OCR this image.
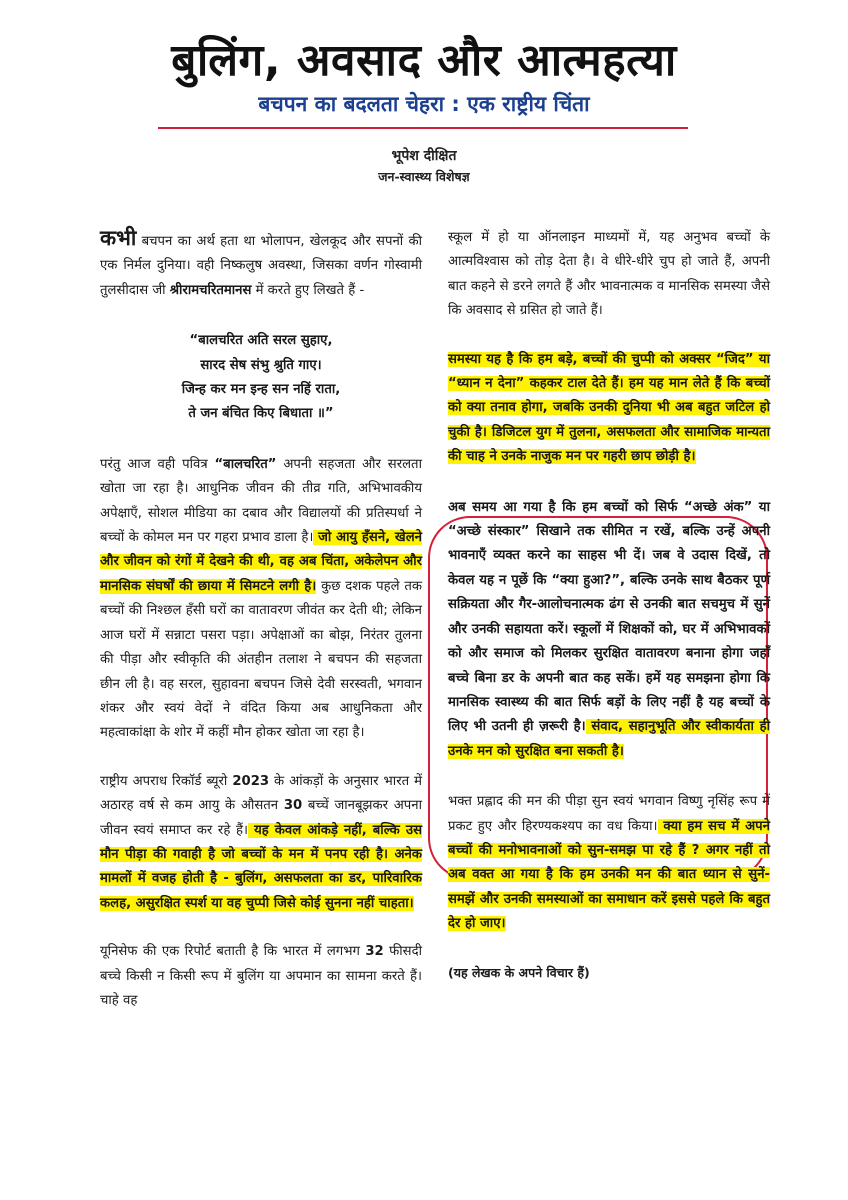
बुलिंग, अवसाद और आत्महत्या
बचपन का बदलता चेहरा : एक राष्ट्रीय चिंता
भूपेश दीक्षित
जन-स्वास्थ्य विशेषज्ञ

कभी बचपन का अर्थ हता था भोलापन, खेलकूद और सपनों की एक निर्मल दुनिया। वही निष्कलुष अवस्था, जिसका वर्णन गोस्वामी तुलसीदास जी श्रीरामचरितमानस में करते हुए लिखते हैं -

“बालचरित अति सरल सुहाए,

सारद सेष संभु श्रुति गाए।

जिन्ह कर मन इन्ह सन नहिं राता,

ते जन बंचित किए बिधाता ॥”

परंतु आज वही पवित्र “बालचरित” अपनी सहजता और सरलता खोता जा रहा है। आधुनिक जीवन की तीव्र गति, अभिभावकीय अपेक्षाएँ, सोशल मीडिया का दबाव और विद्यालयों की प्रतिस्पर्धा ने बच्चों के कोमल मन पर गहरा प्रभाव डाला है। जो आयु हँसने, खेलने और जीवन को रंगों में देखने की थी, वह अब चिंता, अकेलेपन और मानसिक संघर्षों की छाया में सिमटने लगी है। कुछ दशक पहले तक बच्चों की निश्छल हँसी घरों का वातावरण जीवंत कर देती थी; लेकिन आज घरों में सन्नाटा पसरा पड़ा। अपेक्षाओं का बोझ, निरंतर तुलना की पीड़ा और स्वीकृति की अंतहीन तलाश ने बचपन की सहजता छीन ली है। वह सरल, सुहावना बचपन जिसे देवी सरस्वती, भगवान शंकर और स्वयं वेदों ने वंदित किया अब आधुनिकता और महत्वाकांक्षा के शोर में कहीं मौन होकर खोता जा रहा है।

राष्ट्रीय अपराध रिकॉर्ड ब्यूरो 2023 के आंकड़ों के अनुसार भारत में अठारह वर्ष से कम आयु के औसतन 30 बच्चें जानबूझकर अपना जीवन स्वयं समाप्त कर रहे हैं। यह केवल आंकड़े नहीं, बल्कि उस मौन पीड़ा की गवाही है जो बच्चों के मन में पनप रही है। अनेक मामलों में वजह होती है - बुलिंग, असफलता का डर, पारिवारिक कलह, असुरक्षित स्पर्श या वह चुप्पी जिसे कोई सुनना नहीं चाहता।

यूनिसेफ की एक रिपोर्ट बताती है कि भारत में लगभग 32 फीसदी बच्चे किसी न किसी रूप में बुलिंग या अपमान का सामना करते हैं। चाहे वह

स्कूल में हो या ऑनलाइन माध्यमों में, यह अनुभव बच्चों के आत्मविश्वास को तोड़ देता है। वे धीरे-धीरे चुप हो जाते हैं, अपनी बात कहने से डरने लगते हैं और भावनात्मक व मानसिक समस्या जैसे कि अवसाद से ग्रसित हो जाते हैं।

समस्या यह है कि हम बड़े, बच्चों की चुप्पी को अक्सर “जिद” या “ध्यान न देना” कहकर टाल देते हैं। हम यह मान लेते हैं कि बच्चों को क्या तनाव होगा, जबकि उनकी दुनिया भी अब बहुत जटिल हो चुकी है। डिजिटल युग में तुलना, असफलता और सामाजिक मान्यता की चाह ने उनके नाजुक मन पर गहरी छाप छोड़ी है।

अब समय आ गया है कि हम बच्चों को सिर्फ “अच्छे अंक” या “अच्छे संस्कार” सिखाने तक सीमित न रखें, बल्कि उन्हें अपनी भावनाएँ व्यक्त करने का साहस भी दें। जब वे उदास दिखें, तो केवल यह न पूछें कि “क्या हुआ?”, बल्कि उनके साथ बैठकर पूर्ण सक्रियता और गैर-आलोचनात्मक ढंग से उनकी बात सचमुच में सुनें और उनकी सहायता करें। स्कूलों में शिक्षकों को, घर में अभिभावकों को और समाज को मिलकर सुरक्षित वातावरण बनाना होगा जहाँ बच्चे बिना डर के अपनी बात कह सकें। हमें यह समझना होगा कि मानसिक स्वास्थ्य की बात सिर्फ बड़ों के लिए नहीं है यह बच्चों के लिए भी उतनी ही ज़रूरी है। संवाद, सहानुभूति और स्वीकार्यता ही उनके मन को सुरक्षित बना सकती है।

भक्त प्रह्लाद की मन की पीड़ा सुन स्वयं भगवान विष्णु नृसिंह रूप में प्रकट हुए और हिरण्यकश्यप का वध किया। क्या हम सच में अपने बच्चों की मनोभावनाओं को सुन-समझ पा रहे हैं ? अगर नहीं तो अब वक्त आ गया है कि हम उनकी मन की बात ध्यान से सुनें-समझें और उनकी समस्याओं का समाधान करें इससे पहले कि बहुत देर हो जाए।

(यह लेखक के अपने विचार हैं)
